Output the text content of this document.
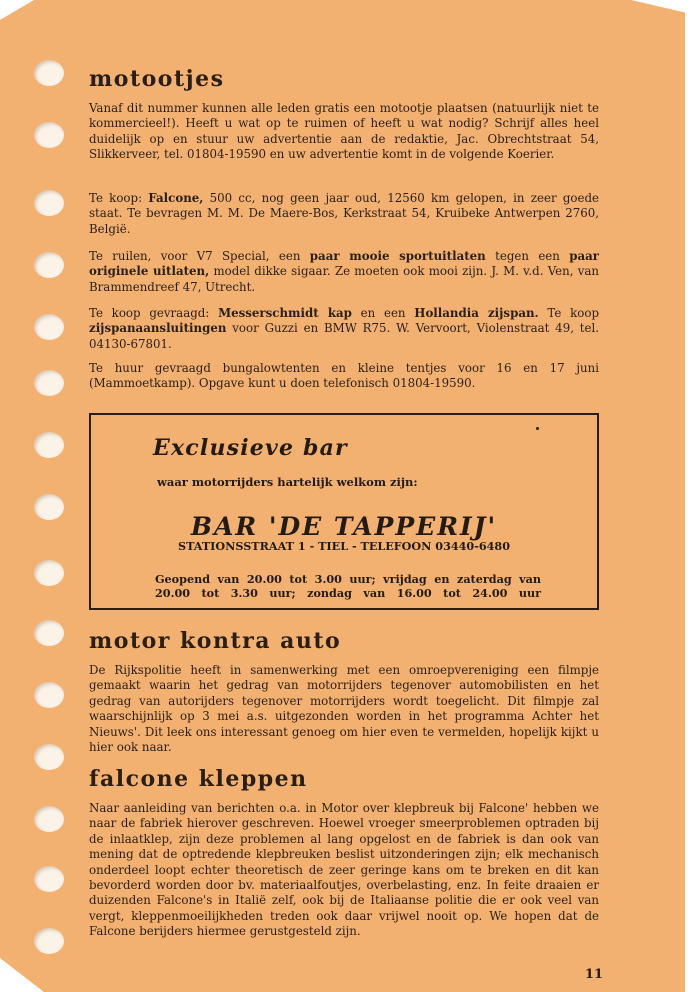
motootjes
Vanaf dit nummer kunnen alle leden gratis een motootje plaatsen (natuurlijk niet te kommercieel!). Heeft u wat op te ruimen of heeft u wat nodig? Schrijf alles heel duidelijk op en stuur uw advertentie aan de redaktie, Jac. Obrechtstraat 54, Slikkerveer, tel. 01804-19590 en uw advertentie komt in de volgende Koerier.
Te koop: Falcone, 500 cc, nog geen jaar oud, 12560 km gelopen, in zeer goede staat. Te bevragen M. M. De Maere-Bos, Kerkstraat 54, Kruibeke Antwerpen 2760, België.
Te ruilen, voor V7 Special, een paar mooie sportuitlaten tegen een paar originele uitlaten, model dikke sigaar. Ze moeten ook mooi zijn. J. M. v.d. Ven, van Brammendreef 47, Utrecht.
Te koop gevraagd: Messerschmidt kap en een Hollandia zijspan. Te koop zijspanaansluitingen voor Guzzi en BMW R75. W. Vervoort, Violenstraat 49, tel. 04130-67801.
Te huur gevraagd bungalowtenten en kleine tentjes voor 16 en 17 juni (Mammoetkamp). Opgave kunt u doen telefonisch 01804-19590.
Exclusieve bar
waar motorrijders hartelijk welkom zijn:
BAR 'DE TAPPERIJ'
STATIONSSTRAAT 1 - TIEL - TELEFOON 03440-6480
Geopend van 20.00 tot 3.00 uur; vrijdag en zaterdag van 20.00 tot 3.30 uur; zondag van 16.00 tot 24.00 uur
motor kontra auto
De Rijkspolitie heeft in samenwerking met een omroepvereniging een filmpje gemaakt waarin het gedrag van motorrijders tegenover automobilisten en het gedrag van autorijders tegenover motorrijders wordt toegelicht. Dit filmpje zal waarschijnlijk op 3 mei a.s. uitgezonden worden in het programma Achter het Nieuws'. Dit leek ons interessant genoeg om hier even te vermelden, hopelijk kijkt u hier ook naar.
falcone kleppen
Naar aanleiding van berichten o.a. in Motor over klepbreuk bij Falcone' hebben we naar de fabriek hierover geschreven. Hoewel vroeger smeerproblemen optraden bij de inlaatklep, zijn deze problemen al lang opgelost en de fabriek is dan ook van mening dat de optredende klepbreuken beslist uitzonderingen zijn; elk mechanisch onderdeel loopt echter theoretisch de zeer geringe kans om te breken en dit kan bevorderd worden door bv. materiaalfoutjes, overbelasting, enz. In feite draaien er duizenden Falcone's in Italië zelf, ook bij de Italiaanse politie die er ook veel van vergt, kleppenmoeilijkheden treden ook daar vrijwel nooit op. We hopen dat de Falcone berijders hiermee gerustgesteld zijn.
11
